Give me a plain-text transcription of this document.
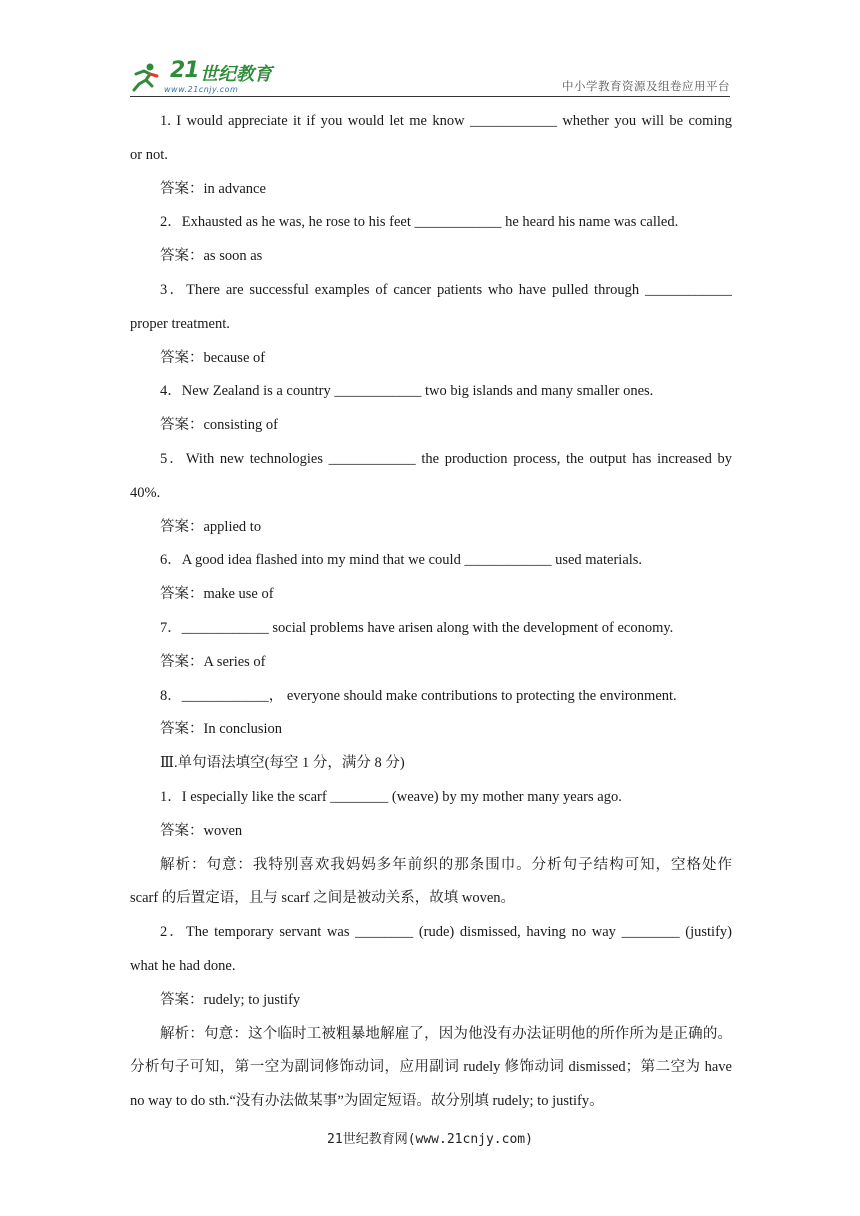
21 世纪教育
www.21cnjy.com	中小学教育资源及组卷应用平台
1. I would appreciate it if you would let me know ____________ whether you will be coming
or not.
答案：in advance
2．Exhausted as he was, he rose to his feet ____________ he heard his name was called.
答案：as soon as
3．There are successful examples of cancer patients who have pulled through ____________
proper treatment.
答案：because of
4．New Zealand is a country ____________ two big islands and many smaller ones.
答案：consisting of
5．With new technologies ____________ the production process, the output has increased by
40%.
答案：applied to
6．A good idea flashed into my mind that we could ____________ used materials.
答案：make use of
7．____________ social problems have arisen along with the development of economy.
答案：A series of
8．____________， everyone should make contributions to protecting the environment.
答案：In conclusion
Ⅲ.单句语法填空(每空 1 分，满分 8 分)
1．I especially like the scarf ________ (weave) by my mother many years ago.
答案：woven
解析：句意：我特别喜欢我妈妈多年前织的那条围巾。分析句子结构可知，空格处作
scarf 的后置定语，且与 scarf 之间是被动关系，故填 woven。
2．The temporary servant was ________ (rude) dismissed, having no way ________ (justify)
what he had done.
答案：rudely; to justify
解析：句意：这个临时工被粗暴地解雇了，因为他没有办法证明他的所作所为是正确的。
分析句子可知，第一空为副词修饰动词，应用副词 rudely 修饰动词 dismissed；第二空为 have
no way to do sth.“没有办法做某事”为固定短语。故分别填 rudely; to justify。
21世纪教育网(www.21cnjy.com)
